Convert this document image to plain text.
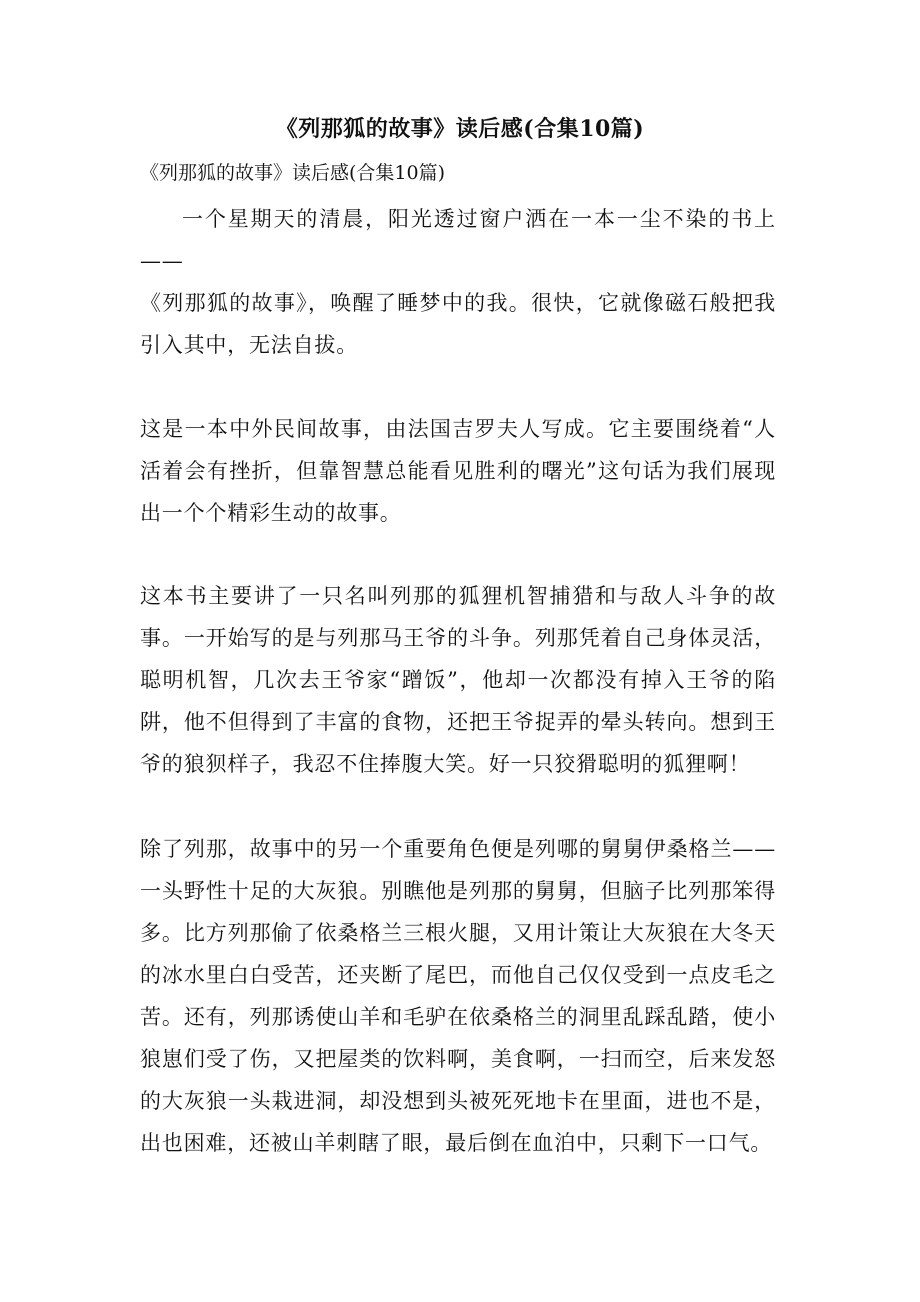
《列那狐的故事》读后感(合集10篇)
《列那狐的故事》读后感(合集10篇)
一个星期天的清晨，阳光透过窗户洒在一本一尘不染的书上——
《列那狐的故事》，唤醒了睡梦中的我。很快，它就像磁石般把我引入其中，无法自拔。
这是一本中外民间故事，由法国吉罗夫人写成。它主要围绕着“人活着会有挫折，但靠智慧总能看见胜利的曙光”这句话为我们展现出一个个精彩生动的故事。
这本书主要讲了一只名叫列那的狐狸机智捕猎和与敌人斗争的故事。一开始写的是与列那马王爷的斗争。列那凭着自己身体灵活，聪明机智，几次去王爷家“蹭饭”，他却一次都没有掉入王爷的陷阱，他不但得到了丰富的食物，还把王爷捉弄的晕头转向。想到王爷的狼狈样子，我忍不住捧腹大笑。好一只狡猾聪明的狐狸啊！
除了列那，故事中的另一个重要角色便是列哪的舅舅伊桑格兰——一头野性十足的大灰狼。别瞧他是列那的舅舅，但脑子比列那笨得多。比方列那偷了依桑格兰三根火腿，又用计策让大灰狼在大冬天的冰水里白白受苦，还夹断了尾巴，而他自己仅仅受到一点皮毛之苦。还有，列那诱使山羊和毛驴在依桑格兰的洞里乱踩乱踏，使小狼崽们受了伤，又把屋类的饮料啊，美食啊，一扫而空，后来发怒的大灰狼一头栽进洞，却没想到头被死死地卡在里面，进也不是，出也困难，还被山羊刺瞎了眼，最后倒在血泊中，只剩下一口气。
